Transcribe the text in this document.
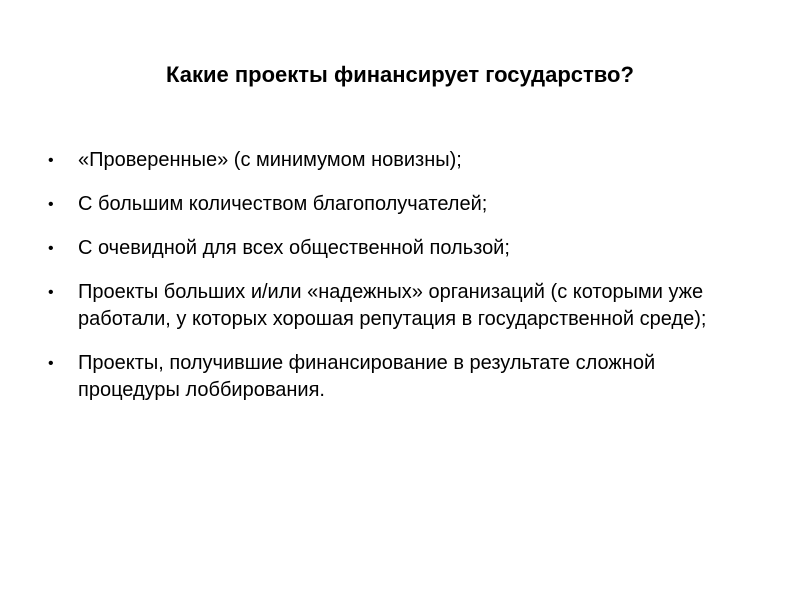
Какие проекты финансирует государство?
• «Проверенные» (с минимумом новизны);
• С большим количеством благополучателей;
• С очевидной для всех общественной пользой;
• Проекты больших и/или «надежных» организаций (с которыми уже работали, у которых хорошая репутация в государственной среде);
• Проекты, получившие финансирование в результате сложной процедуры лоббирования.
